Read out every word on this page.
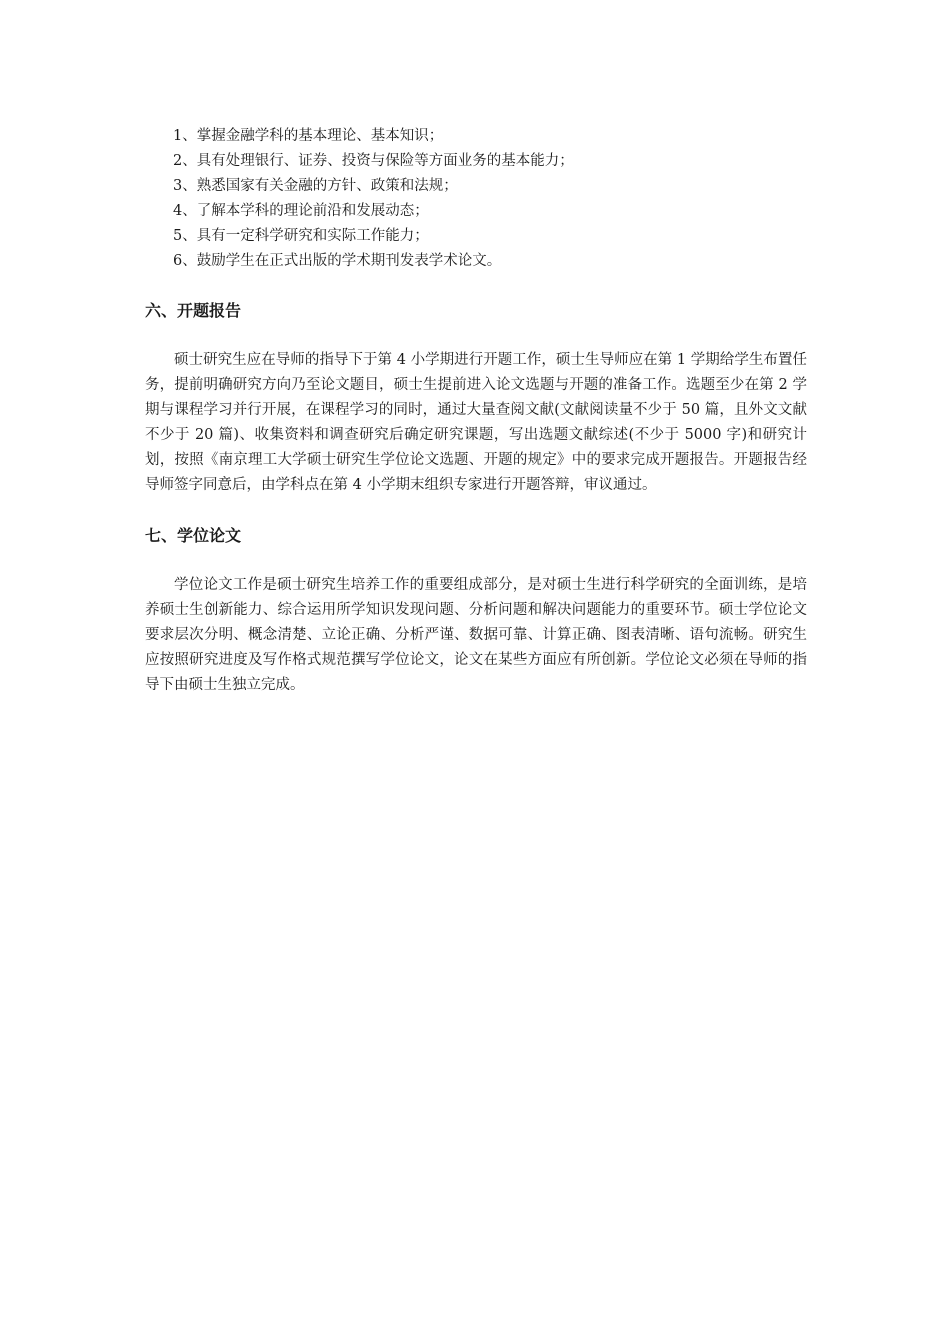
1、掌握金融学科的基本理论、基本知识；
2、具有处理银行、证券、投资与保险等方面业务的基本能力；
3、熟悉国家有关金融的方针、政策和法规；
4、了解本学科的理论前沿和发展动态；
5、具有一定科学研究和实际工作能力；
6、鼓励学生在正式出版的学术期刊发表学术论文。
六、开题报告

硕士研究生应在导师的指导下于第 4 小学期进行开题工作，硕士生导师应在第 1 学期给学生布置任务，提前明确研究方向乃至论文题目，硕士生提前进入论文选题与开题的准备工作。选题至少在第 2 学期与课程学习并行开展，在课程学习的同时，通过大量查阅文献(文献阅读量不少于 50 篇，且外文文献不少于 20 篇)、收集资料和调查研究后确定研究课题，写出选题文献综述(不少于 5000 字)和研究计划，按照《南京理工大学硕士研究生学位论文选题、开题的规定》中的要求完成开题报告。开题报告经导师签字同意后，由学科点在第 4 小学期末组织专家进行开题答辩，审议通过。

七、学位论文

学位论文工作是硕士研究生培养工作的重要组成部分，是对硕士生进行科学研究的全面训练，是培养硕士生创新能力、综合运用所学知识发现问题、分析问题和解决问题能力的重要环节。硕士学位论文要求层次分明、概念清楚、立论正确、分析严谨、数据可靠、计算正确、图表清晰、语句流畅。研究生应按照研究进度及写作格式规范撰写学位论文，论文在某些方面应有所创新。学位论文必须在导师的指导下由硕士生独立完成。
